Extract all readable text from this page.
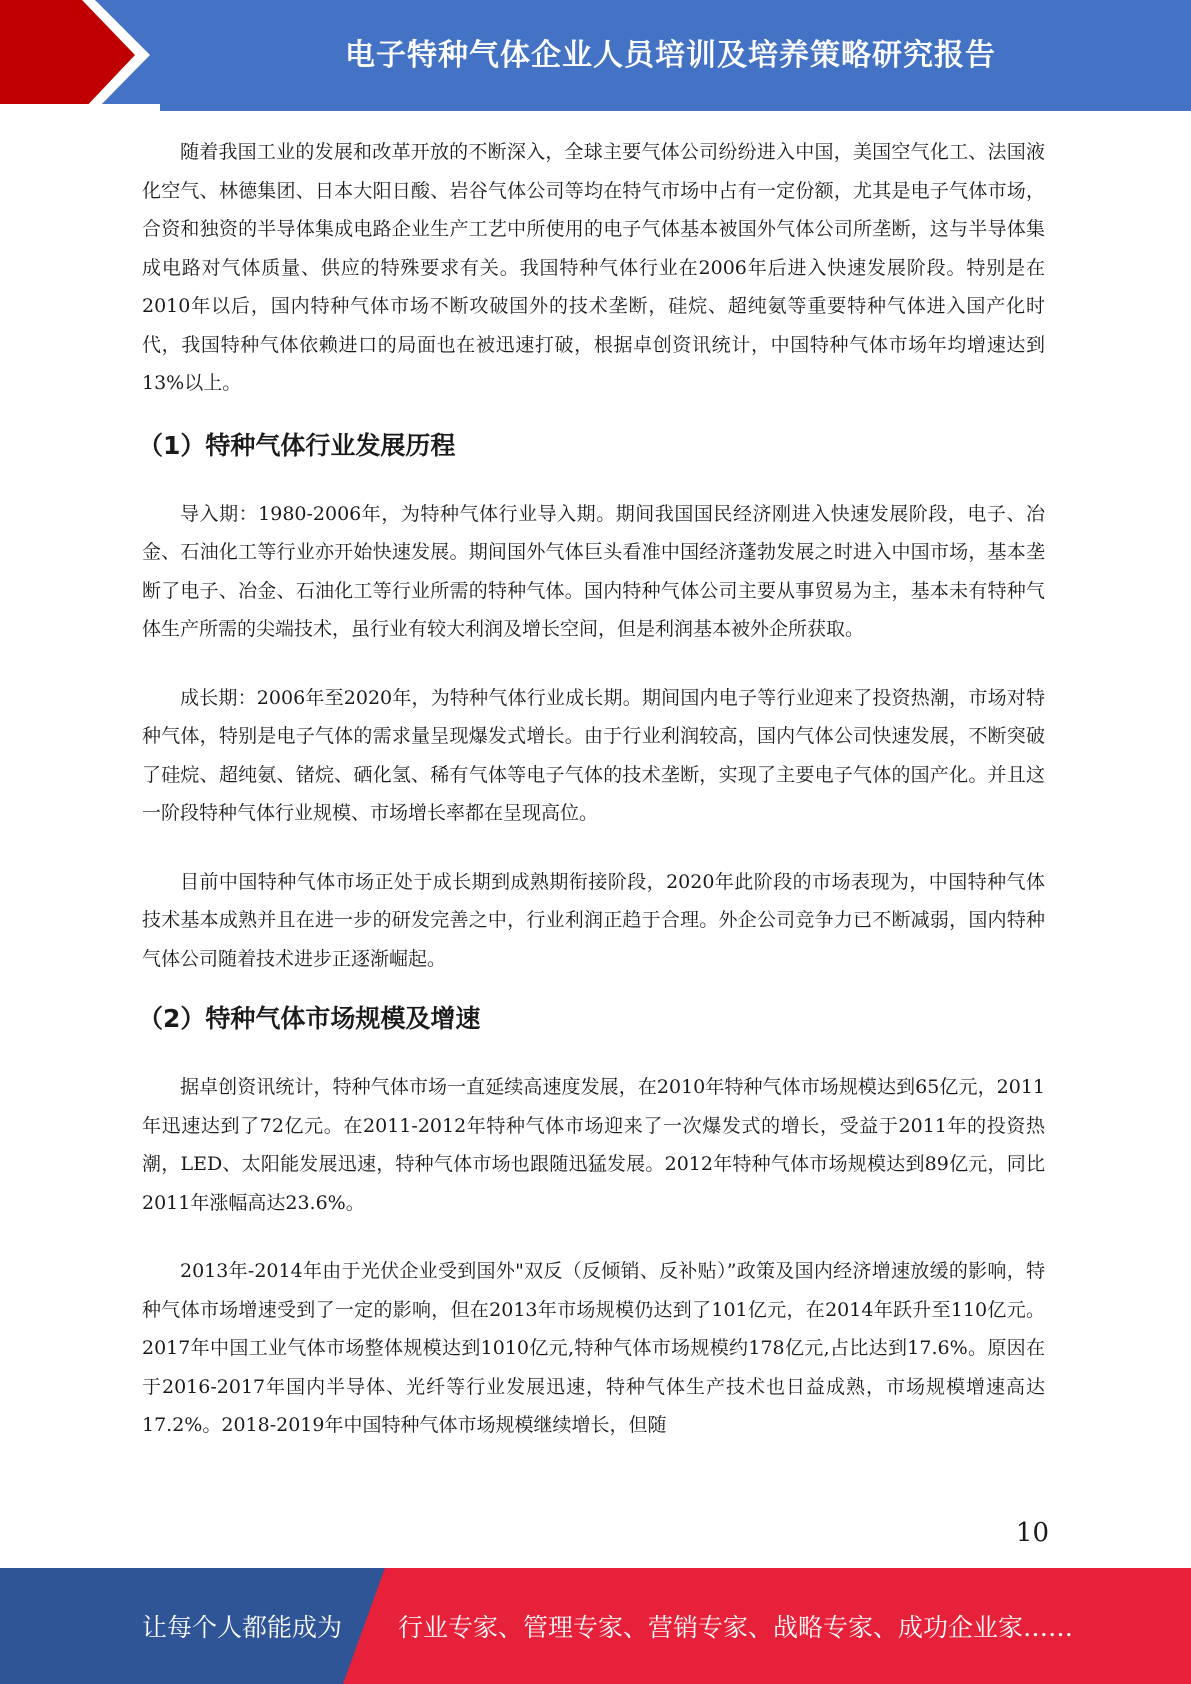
电子特种气体企业人员培训及培养策略研究报告

随着我国工业的发展和改革开放的不断深入，全球主要气体公司纷纷进入中国，美国空气化工、法国液化空气、林德集团、日本大阳日酸、岩谷气体公司等均在特气市场中占有一定份额，尤其是电子气体市场，合资和独资的半导体集成电路企业生产工艺中所使用的电子气体基本被国外气体公司所垄断，这与半导体集成电路对气体质量、供应的特殊要求有关。我国特种气体行业在2006年后进入快速发展阶段。特别是在2010年以后，国内特种气体市场不断攻破国外的技术垄断，硅烷、超纯氨等重要特种气体进入国产化时代，我国特种气体依赖进口的局面也在被迅速打破，根据卓创资讯统计，中国特种气体市场年均增速达到13%以上。

（1）特种气体行业发展历程

导入期：1980-2006年，为特种气体行业导入期。期间我国国民经济刚进入快速发展阶段，电子、冶金、石油化工等行业亦开始快速发展。期间国外气体巨头看准中国经济蓬勃发展之时进入中国市场，基本垄断了电子、冶金、石油化工等行业所需的特种气体。国内特种气体公司主要从事贸易为主，基本未有特种气体生产所需的尖端技术，虽行业有较大利润及增长空间，但是利润基本被外企所获取。

成长期：2006年至2020年，为特种气体行业成长期。期间国内电子等行业迎来了投资热潮，市场对特种气体，特别是电子气体的需求量呈现爆发式增长。由于行业利润较高，国内气体公司快速发展，不断突破了硅烷、超纯氨、锗烷、硒化氢、稀有气体等电子气体的技术垄断，实现了主要电子气体的国产化。并且这一阶段特种气体行业规模、市场增长率都在呈现高位。

目前中国特种气体市场正处于成长期到成熟期衔接阶段，2020年此阶段的市场表现为，中国特种气体技术基本成熟并且在进一步的研发完善之中，行业利润正趋于合理。外企公司竞争力已不断减弱，国内特种气体公司随着技术进步正逐渐崛起。

（2）特种气体市场规模及增速

据卓创资讯统计，特种气体市场一直延续高速度发展，在2010年特种气体市场规模达到65亿元，2011年迅速达到了72亿元。在2011-2012年特种气体市场迎来了一次爆发式的增长，受益于2011年的投资热潮，LED、太阳能发展迅速，特种气体市场也跟随迅猛发展。2012年特种气体市场规模达到89亿元，同比2011年涨幅高达23.6%。

2013年-2014年由于光伏企业受到国外"双反（反倾销、反补贴）”政策及国内经济增速放缓的影响，特种气体市场增速受到了一定的影响，但在2013年市场规模仍达到了101亿元，在2014年跃升至110亿元。2017年中国工业气体市场整体规模达到1010亿元,特种气体市场规模约178亿元,占比达到17.6%。原因在于2016-2017年国内半导体、光纤等行业发展迅速，特种气体生产技术也日益成熟，市场规模增速高达17.2%。2018-2019年中国特种气体市场规模继续增长，但随

10
让每个人都能成为 行业专家、管理专家、营销专家、战略专家、成功企业家……
